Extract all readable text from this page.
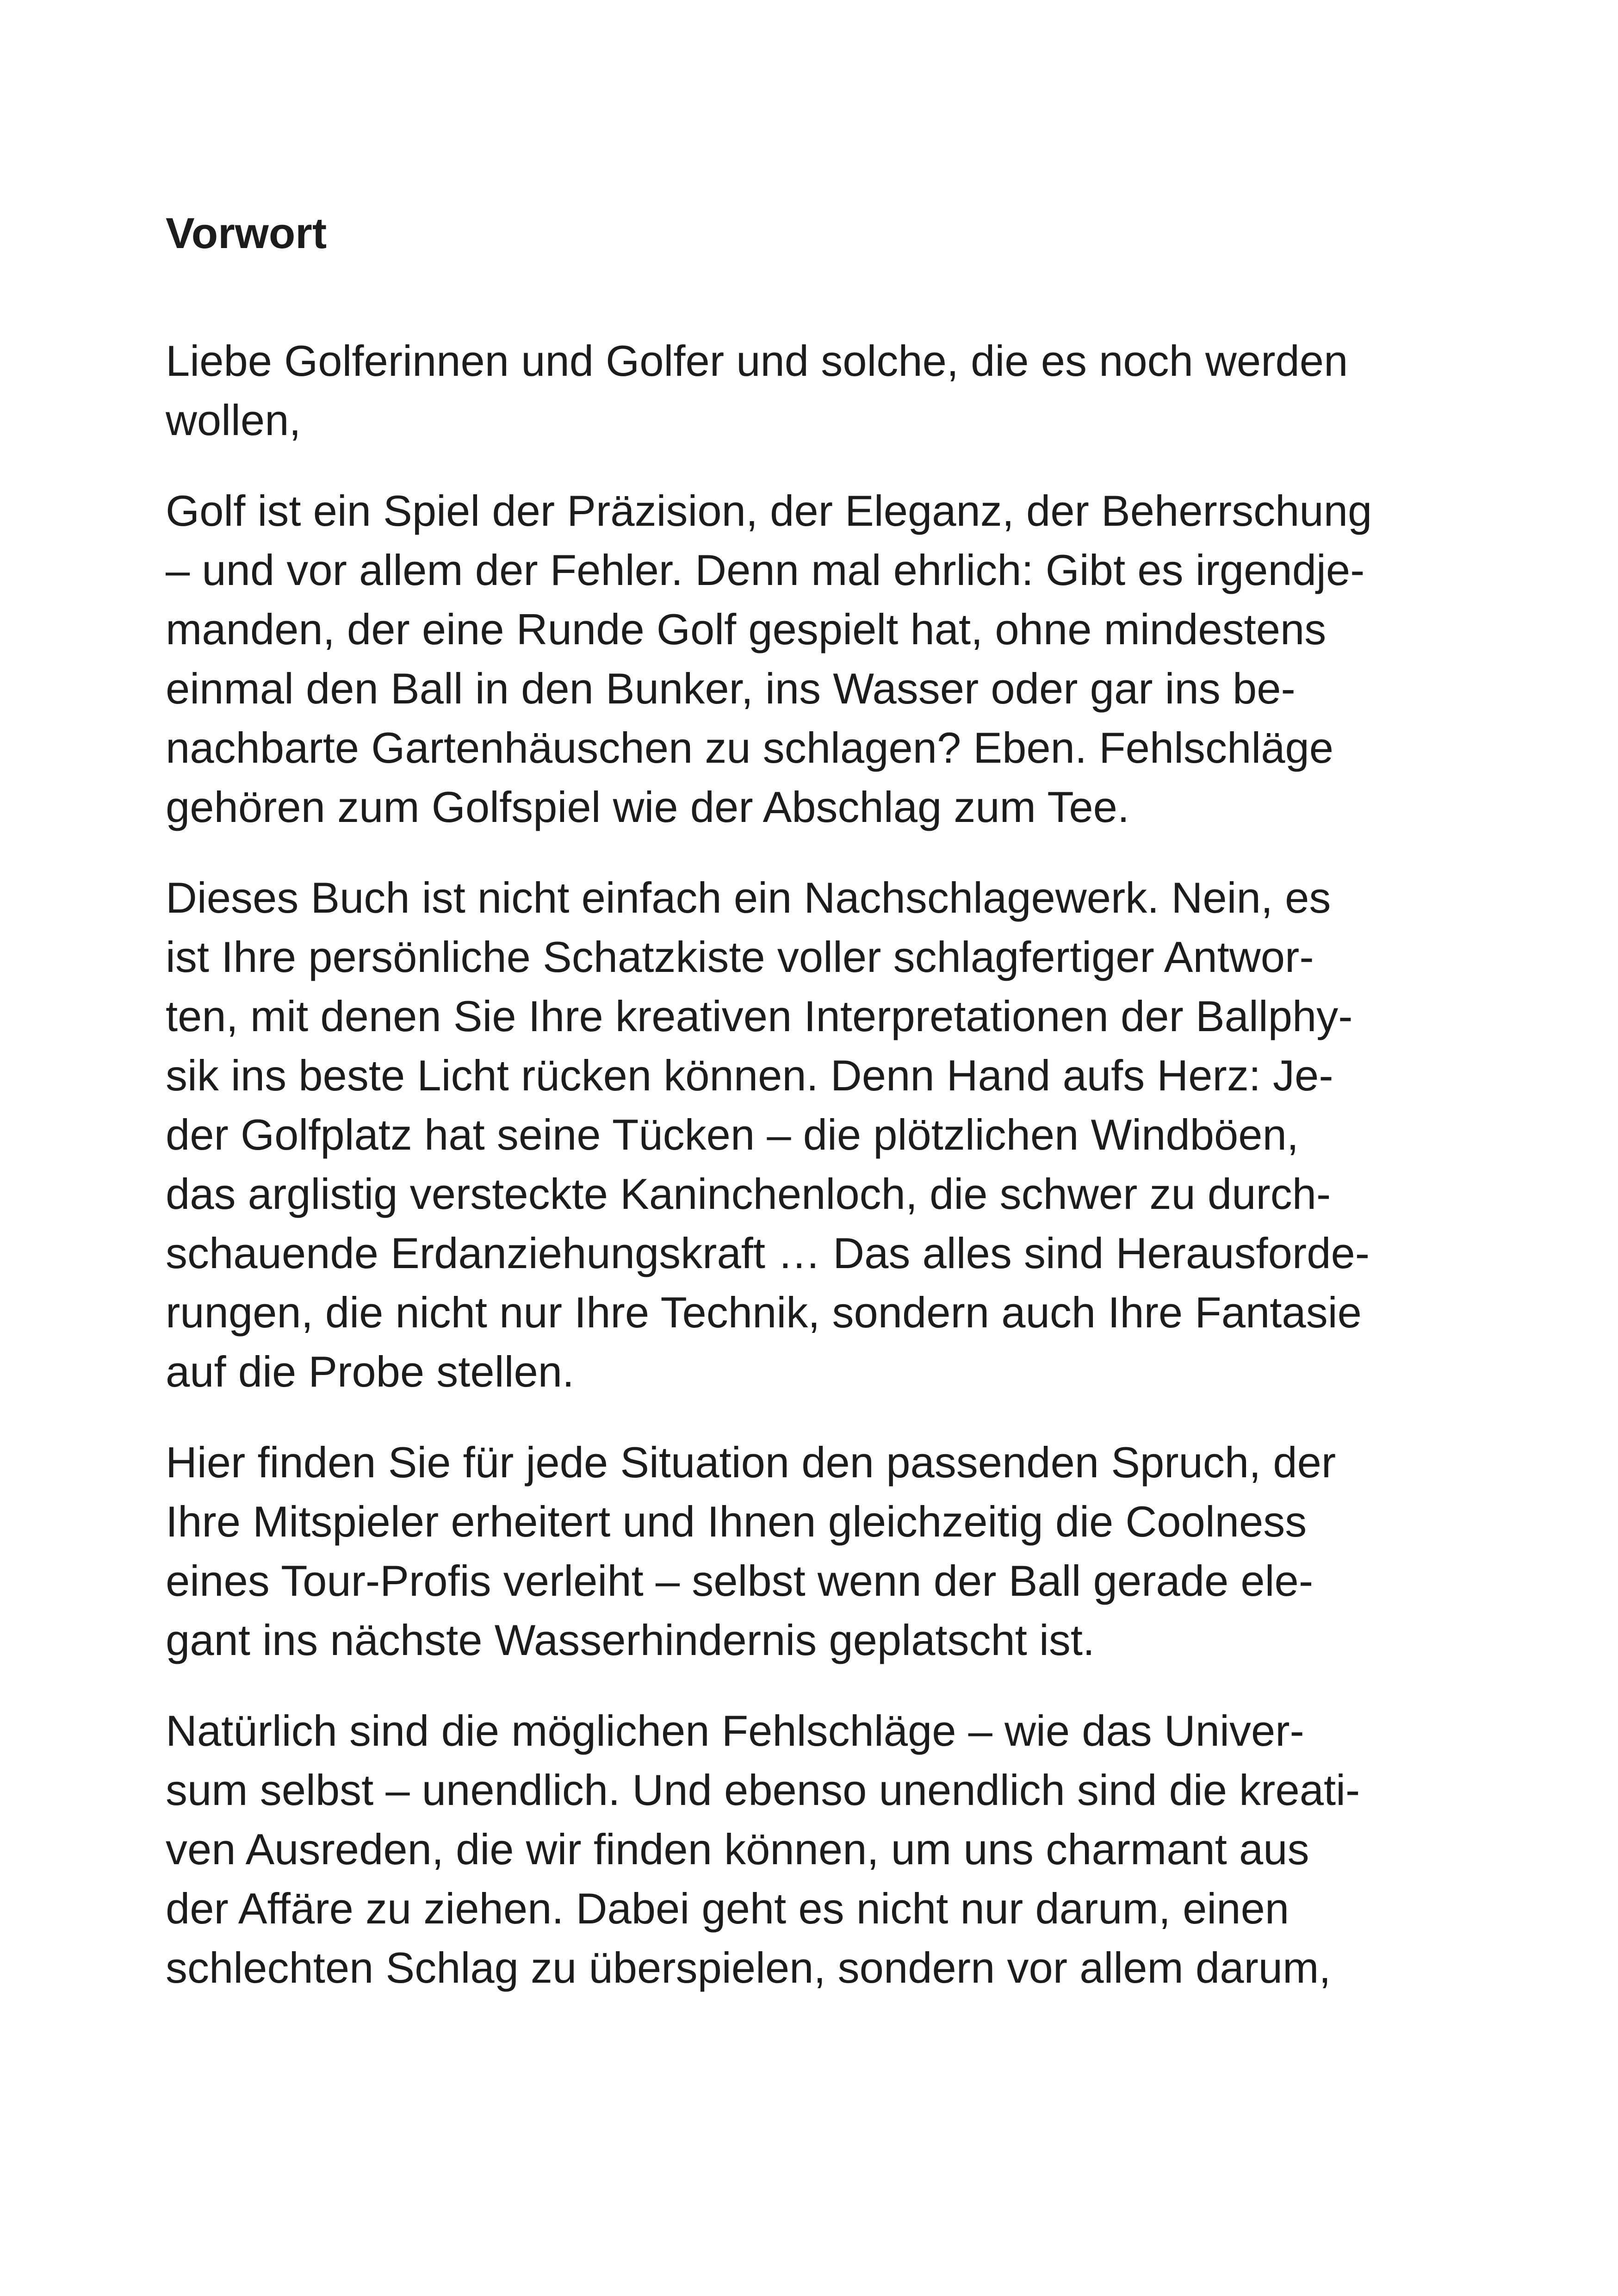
Vorwort
Liebe Golferinnen und Golfer und solche, die es noch werden
wollen,
Golf ist ein Spiel der Präzision, der Eleganz, der Beherrschung
– und vor allem der Fehler. Denn mal ehrlich: Gibt es irgendje-
manden, der eine Runde Golf gespielt hat, ohne mindestens
einmal den Ball in den Bunker, ins Wasser oder gar ins be-
nachbarte Gartenhäuschen zu schlagen? Eben. Fehlschläge
gehören zum Golfspiel wie der Abschlag zum Tee.
Dieses Buch ist nicht einfach ein Nachschlagewerk. Nein, es
ist Ihre persönliche Schatzkiste voller schlagfertiger Antwor-
ten, mit denen Sie Ihre kreativen Interpretationen der Ballphy-
sik ins beste Licht rücken können. Denn Hand aufs Herz: Je-
der Golfplatz hat seine Tücken – die plötzlichen Windböen,
das arglistig versteckte Kaninchenloch, die schwer zu durch-
schauende Erdanziehungskraft … Das alles sind Herausforde-
rungen, die nicht nur Ihre Technik, sondern auch Ihre Fantasie
auf die Probe stellen.
Hier finden Sie für jede Situation den passenden Spruch, der
Ihre Mitspieler erheitert und Ihnen gleichzeitig die Coolness
eines Tour-Profis verleiht – selbst wenn der Ball gerade ele-
gant ins nächste Wasserhindernis geplatscht ist.
Natürlich sind die möglichen Fehlschläge – wie das Univer-
sum selbst – unendlich. Und ebenso unendlich sind die kreati-
ven Ausreden, die wir finden können, um uns charmant aus
der Affäre zu ziehen. Dabei geht es nicht nur darum, einen
schlechten Schlag zu überspielen, sondern vor allem darum,
